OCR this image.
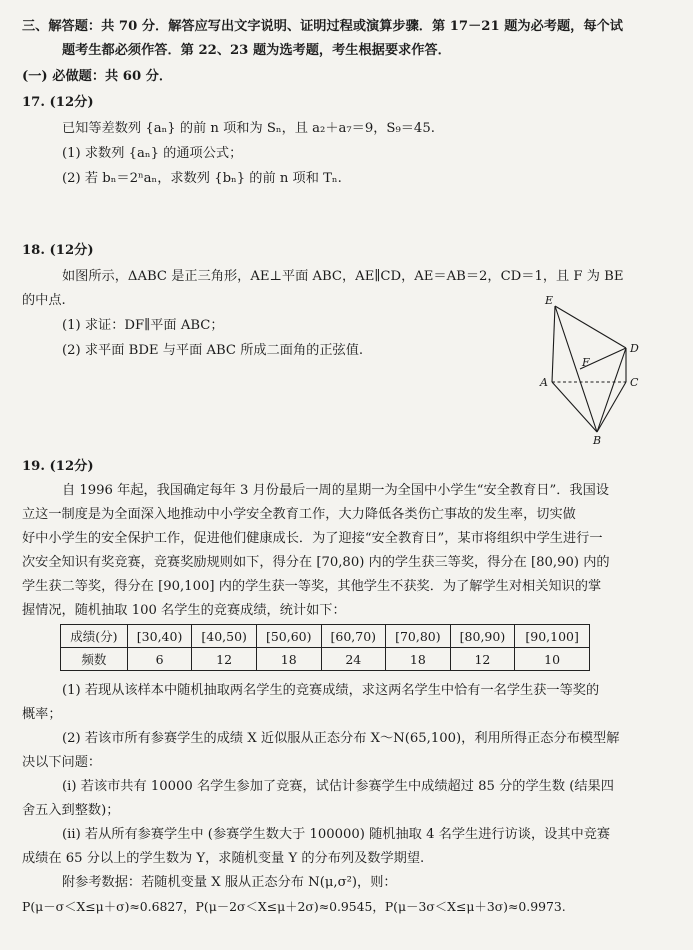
三、解答题：共 70 分．解答应写出文字说明、证明过程或演算步骤．第 17－21 题为必考题，每个试
题考生都必须作答．第 22、23 题为选考题，考生根据要求作答．
(一) 必做题：共 60 分．
17. (12分)
已知等差数列 {aₙ} 的前 n 项和为 Sₙ，且 a₂＋a₇＝9，S₉＝45.
(1) 求数列 {aₙ} 的通项公式；
(2) 若 bₙ＝2ⁿaₙ，求数列 {bₙ} 的前 n 项和 Tₙ.
18. (12分)
如图所示，ΔABC 是正三角形，AE⊥平面 ABC，AE∥CD，AE＝AB＝2，CD＝1，且 F 为 BE
的中点.
(1) 求证：DF∥平面 ABC；
(2) 求平面 BDE 与平面 ABC 所成二面角的正弦值.
E
D
F
A	C
B
19. (12分)
自 1996 年起，我国确定每年 3 月份最后一周的星期一为全国中小学生“安全教育日”．我国设
立这一制度是为全面深入地推动中小学安全教育工作，大力降低各类伤亡事故的发生率，切实做
好中小学生的安全保护工作，促进他们健康成长．为了迎接“安全教育日”，某市将组织中学生进行一
次安全知识有奖竞赛，竞赛奖励规则如下，得分在 [70,80) 内的学生获三等奖，得分在 [80,90) 内的
学生获二等奖，得分在 [90,100] 内的学生获一等奖，其他学生不获奖．为了解学生对相关知识的掌
握情况，随机抽取 100 名学生的竞赛成绩，统计如下：
成绩(分)	[30,40)	[40,50)	[50,60)	[60,70)	[70,80)	[80,90)	[90,100]
频数	6	12	18	24	18	12	10
(1) 若现从该样本中随机抽取两名学生的竞赛成绩，求这两名学生中恰有一名学生获一等奖的
概率；
(2) 若该市所有参赛学生的成绩 X 近似服从正态分布 X～N(65,100)，利用所得正态分布模型解
决以下问题：
(ⅰ) 若该市共有 10000 名学生参加了竞赛，试估计参赛学生中成绩超过 85 分的学生数 (结果四
舍五入到整数)；
(ⅱ) 若从所有参赛学生中 (参赛学生数大于 100000) 随机抽取 4 名学生进行访谈，设其中竞赛
成绩在 65 分以上的学生数为 Y，求随机变量 Y 的分布列及数学期望.
附参考数据：若随机变量 X 服从正态分布 N(μ,σ²)，则：
P(μ－σ＜X≤μ＋σ)≈0.6827，P(μ－2σ＜X≤μ＋2σ)≈0.9545，P(μ－3σ＜X≤μ＋3σ)≈0.9973.
